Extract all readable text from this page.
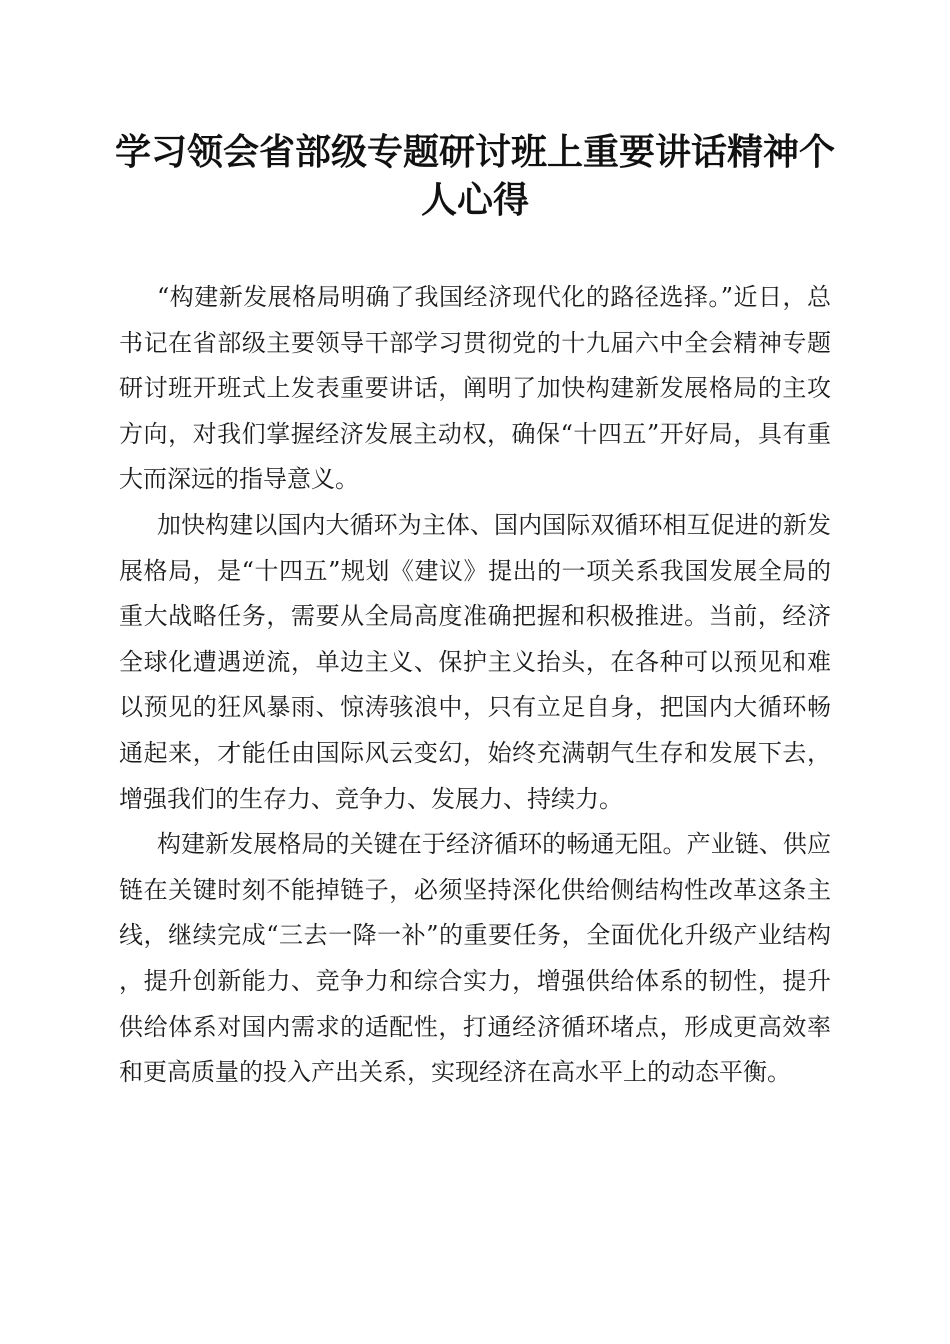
学习领会省部级专题研讨班上重要讲话精神个人心得

“构建新发展格局明确了我国经济现代化的路径选择。”近日，总书记在省部级主要领导干部学习贯彻党的十九届六中全会精神专题研讨班开班式上发表重要讲话，阐明了加快构建新发展格局的主攻方向，对我们掌握经济发展主动权，确保“十四五”开好局，具有重大而深远的指导意义。

加快构建以国内大循环为主体、国内国际双循环相互促进的新发展格局，是“十四五”规划《建议》提出的一项关系我国发展全局的重大战略任务，需要从全局高度准确把握和积极推进。当前，经济全球化遭遇逆流，单边主义、保护主义抬头，在各种可以预见和难以预见的狂风暴雨、惊涛骇浪中，只有立足自身，把国内大循环畅通起来，才能任由国际风云变幻，始终充满朝气生存和发展下去，增强我们的生存力、竞争力、发展力、持续力。

构建新发展格局的关键在于经济循环的畅通无阻。产业链、供应链在关键时刻不能掉链子，必须坚持深化供给侧结构性改革这条主线，继续完成“三去一降一补”的重要任务，全面优化升级产业结构，提升创新能力、竞争力和综合实力，增强供给体系的韧性，提升供给体系对国内需求的适配性，打通经济循环堵点，形成更高效率和更高质量的投入产出关系，实现经济在高水平上的动态平衡。
